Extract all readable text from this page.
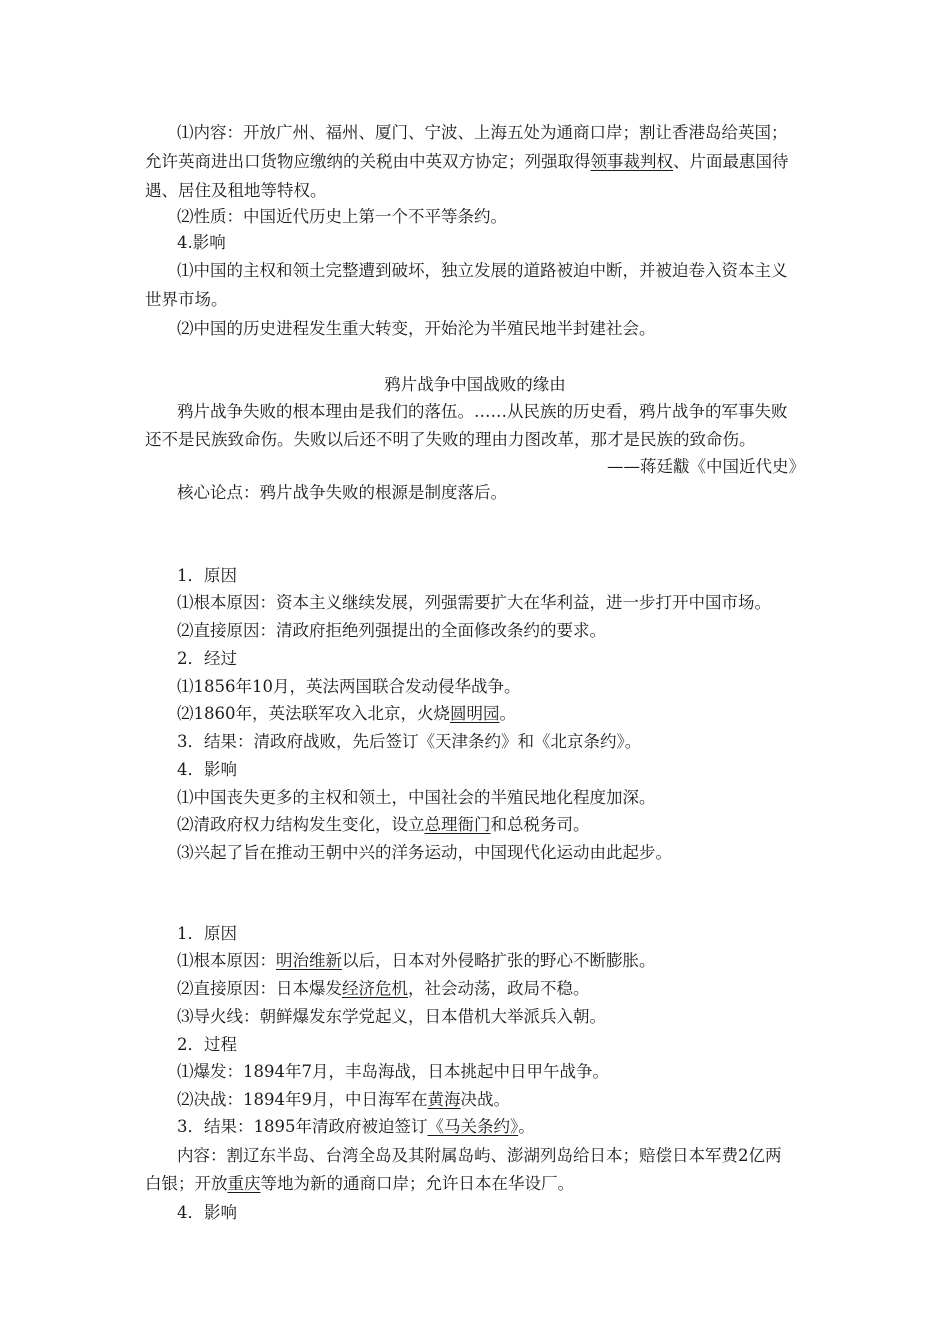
⑴内容：开放广州、福州、厦门、宁波、上海五处为通商口岸；割让香港岛给英国；
允许英商进出口货物应缴纳的关税由中英双方协定；列强取得领事裁判权、片面最惠国待
遇、居住及租地等特权。
⑵性质：中国近代历史上第一个不平等条约。
4.影响
⑴中国的主权和领土完整遭到破坏，独立发展的道路被迫中断，并被迫卷入资本主义
世界市场。
⑵中国的历史进程发生重大转变，开始沦为半殖民地半封建社会。
鸦片战争中国战败的缘由
鸦片战争失败的根本理由是我们的落伍。……从民族的历史看，鸦片战争的军事失败
还不是民族致命伤。失败以后还不明了失败的理由力图改革，那才是民族的致命伤。
——蒋廷黻《中国近代史》
核心论点：鸦片战争失败的根源是制度落后。
1．原因
⑴根本原因：资本主义继续发展，列强需要扩大在华利益，进一步打开中国市场。
⑵直接原因：清政府拒绝列强提出的全面修改条约的要求。
2．经过
⑴1856年10月，英法两国联合发动侵华战争。
⑵1860年，英法联军攻入北京，火烧圆明园。
3．结果：清政府战败，先后签订《天津条约》和《北京条约》。
4．影响
⑴中国丧失更多的主权和领土，中国社会的半殖民地化程度加深。
⑵清政府权力结构发生变化，设立总理衙门和总税务司。
⑶兴起了旨在推动王朝中兴的洋务运动，中国现代化运动由此起步。
1．原因
⑴根本原因：明治维新以后，日本对外侵略扩张的野心不断膨胀。
⑵直接原因：日本爆发经济危机，社会动荡，政局不稳。
⑶导火线：朝鲜爆发东学党起义，日本借机大举派兵入朝。
2．过程
⑴爆发：1894年7月，丰岛海战，日本挑起中日甲午战争。
⑵决战：1894年9月，中日海军在黄海决战。
3．结果：1895年清政府被迫签订《马关条约》。
内容：割辽东半岛、台湾全岛及其附属岛屿、澎湖列岛给日本；赔偿日本军费2亿两
白银；开放重庆等地为新的通商口岸；允许日本在华设厂。
4．影响
